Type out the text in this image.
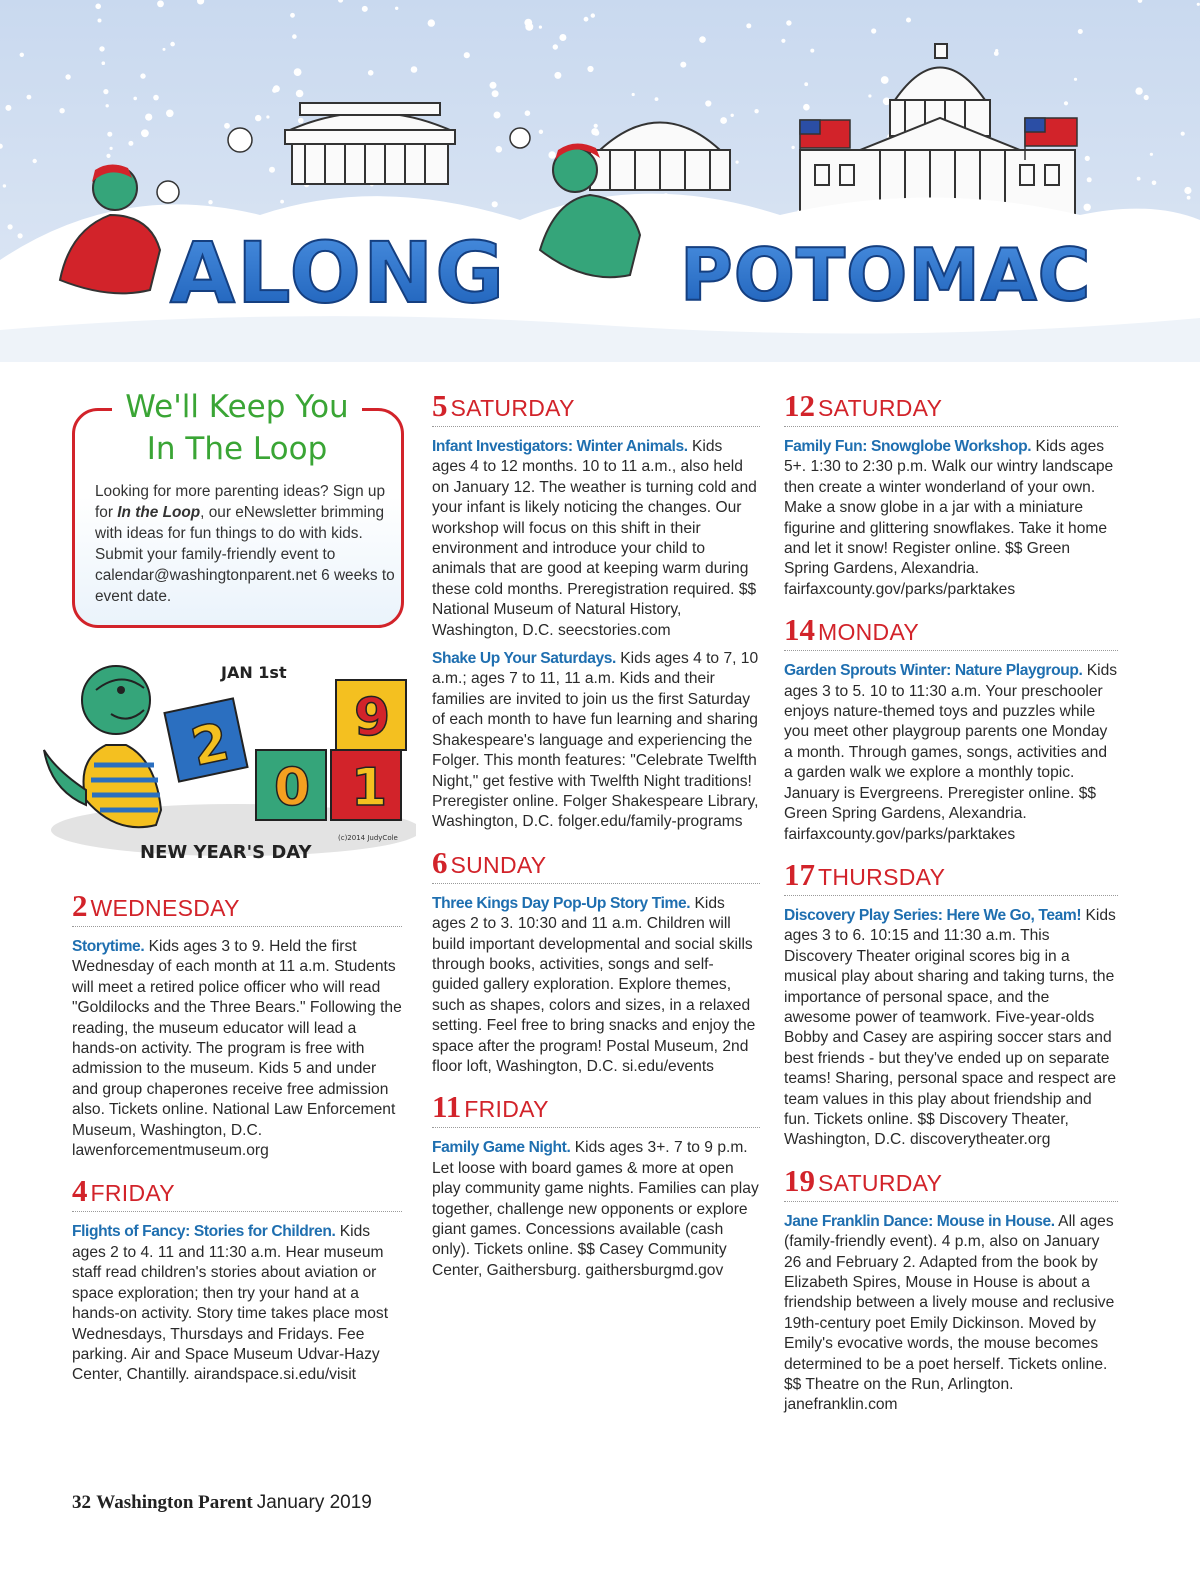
ALONG POTOMAC
We'll Keep You
In The Loop
Looking for more parenting ideas? Sign up for In the Loop, our eNewsletter brimming with ideas for fun things to do with kids. Submit your family-friendly event to calendar@washingtonparent.net 6 weeks to event date.
JAN 1st
2 9
0 1
(c)2014 JudyCole
NEW YEAR'S DAY
2 WEDNESDAY

Storytime. Kids ages 3 to 9. Held the first Wednesday of each month at 11 a.m. Students will meet a retired police officer who will read "Goldilocks and the Three Bears." Following the reading, the museum educator will lead a hands-on activity. The program is free with admission to the museum. Kids 5 and under and group chaperones receive free admission also. Tickets online. National Law Enforcement Museum, Washington, D.C. lawenforcementmuseum.org

4 FRIDAY

Flights of Fancy: Stories for Children. Kids ages 2 to 4. 11 and 11:30 a.m. Hear museum staff read children's stories about aviation or space exploration; then try your hand at a hands-on activity. Story time takes place most Wednesdays, Thursdays and Fridays. Fee parking. Air and Space Museum Udvar-Hazy Center, Chantilly. airandspace.si.edu/visit

5 SATURDAY

Infant Investigators: Winter Animals. Kids ages 4 to 12 months. 10 to 11 a.m., also held on January 12. The weather is turning cold and your infant is likely noticing the changes. Our workshop will focus on this shift in their environment and introduce your child to animals that are good at keeping warm during these cold months. Preregistration required. $$ National Museum of Natural History, Washington, D.C. seecstories.com

Shake Up Your Saturdays. Kids ages 4 to 7, 10 a.m.; ages 7 to 11, 11 a.m. Kids and their families are invited to join us the first Saturday of each month to have fun learning and sharing Shakespeare's language and experiencing the Folger. This month features: "Celebrate Twelfth Night," get festive with Twelfth Night traditions! Preregister online. Folger Shakespeare Library, Washington, D.C. folger.edu/family-programs

6 SUNDAY

Three Kings Day Pop-Up Story Time. Kids ages 2 to 3. 10:30 and 11 a.m. Children will build important developmental and social skills through books, activities, songs and self-guided gallery exploration. Explore themes, such as shapes, colors and sizes, in a relaxed setting. Feel free to bring snacks and enjoy the space after the program! Postal Museum, 2nd floor loft, Washington, D.C. si.edu/events

11 FRIDAY

Family Game Night. Kids ages 3+. 7 to 9 p.m. Let loose with board games & more at open play community game nights. Families can play together, challenge new opponents or explore giant games. Concessions available (cash only). Tickets online. $$ Casey Community Center, Gaithersburg. gaithersburgmd.gov

12 SATURDAY

Family Fun: Snowglobe Workshop. Kids ages 5+. 1:30 to 2:30 p.m. Walk our wintry landscape then create a winter wonderland of your own. Make a snow globe in a jar with a miniature figurine and glittering snowflakes. Take it home and let it snow! Register online. $$ Green Spring Gardens, Alexandria. fairfaxcounty.gov/parks/parktakes

14 MONDAY

Garden Sprouts Winter: Nature Playgroup. Kids ages 3 to 5. 10 to 11:30 a.m. Your preschooler enjoys nature-themed toys and puzzles while you meet other playgroup parents one Monday a month. Through games, songs, activities and a garden walk we explore a monthly topic. January is Evergreens. Preregister online. $$ Green Spring Gardens, Alexandria. fairfaxcounty.gov/parks/parktakes

17 THURSDAY

Discovery Play Series: Here We Go, Team! Kids ages 3 to 6. 10:15 and 11:30 a.m. This Discovery Theater original scores big in a musical play about sharing and taking turns, the importance of personal space, and the awesome power of teamwork. Five-year-olds Bobby and Casey are aspiring soccer stars and best friends - but they've ended up on separate teams! Sharing, personal space and respect are team values in this play about friendship and fun. Tickets online. $$ Discovery Theater, Washington, D.C. discoverytheater.org

19 SATURDAY

Jane Franklin Dance: Mouse in House. All ages (family-friendly event). 4 p.m, also on January 26 and February 2. Adapted from the book by Elizabeth Spires, Mouse in House is about a friendship between a lively mouse and reclusive 19th-century poet Emily Dickinson. Moved by Emily's evocative words, the mouse becomes determined to be a poet herself. Tickets online. $$ Theatre on the Run, Arlington. janefranklin.com

32 Washington Parent January 2019
